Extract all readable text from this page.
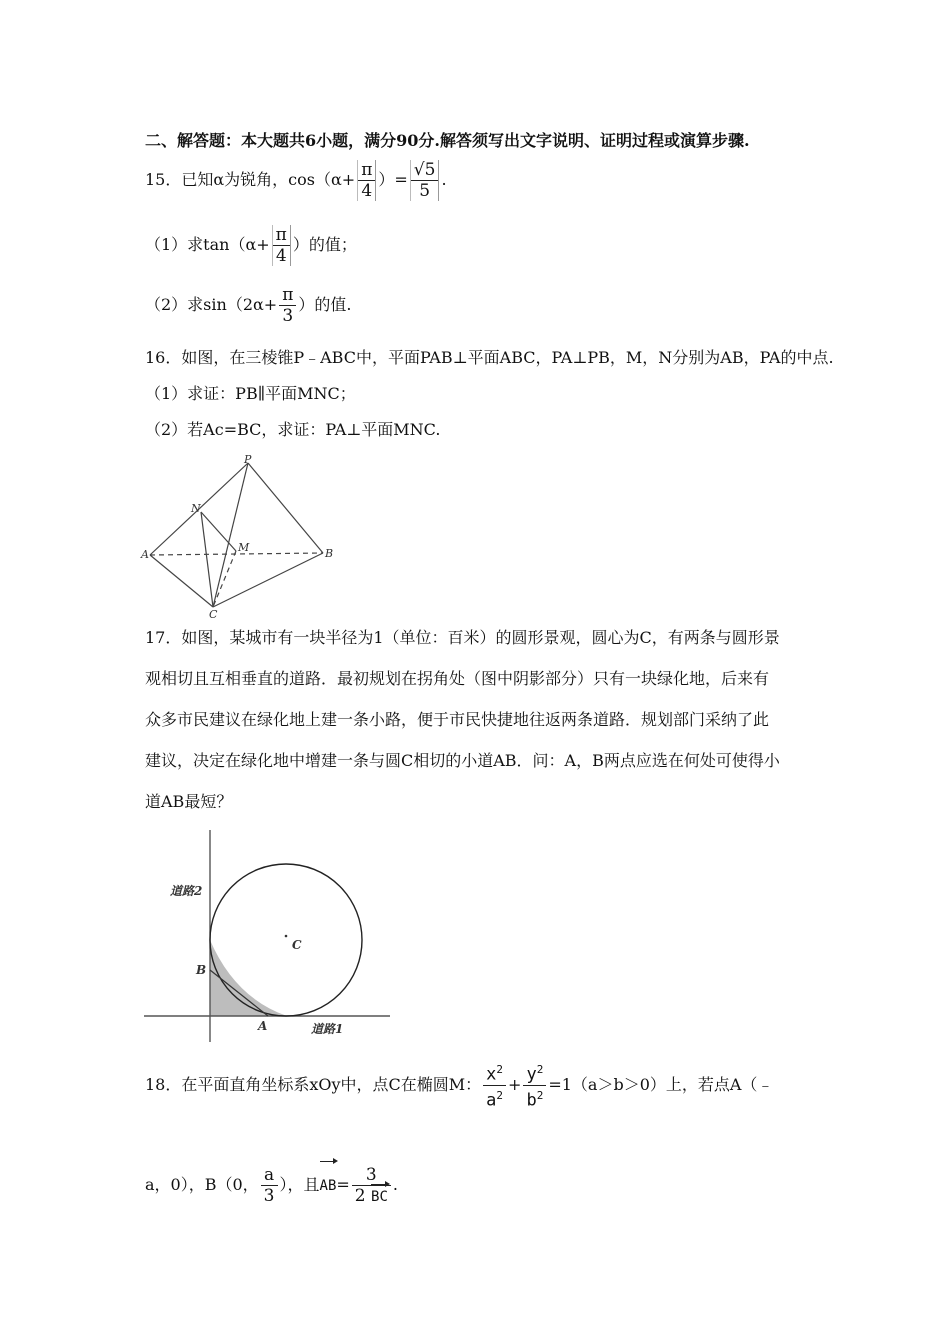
二、解答题：本大题共6小题，满分90分.解答须写出文字说明、证明过程或演算步骤.
15．已知α为锐角，$\cos(\alpha+ \frac{\pi}{4}$ ）= $\frac{√5}{5}$ .
（1）求$\tan(\alpha+ \frac{\pi}{4}$ ）的值；
（2）求$\sin(2\alpha+ \frac{\pi}{3}$ ）的值.
16．如图，在三棱锥P﹣ABC中，平面PAB⊥平面ABC，PA⊥PB，M，N分别为AB，PA的中点.
（1）求证：PB∥平面MNC；
（2）若Ac=BC，求证：PA⊥平面MNC.
P
N
M
A	B
C
17．如图，某城市有一块半径为1（单位：百米）的圆形景观，圆心为C，有两条与圆形景
观相切且互相垂直的道路．最初规划在拐角处（图中阴影部分）只有一块绿化地，后来有
众多市民建议在绿化地上建一条小路，便于市民快捷地往返两条道路．规划部门采纳了此
建议，决定在绿化地中增建一条与圆C相切的小道AB．问：A，B两点应选在何处可使得小
道AB最短？
道路2
道路1
C
B
A
18．在平面直角坐标系xOy中，点C在椭圆M： $\frac{x^2}{a^2} + \frac{y^2}{b^2} =1(a>b>0)$上，若点A（﹣
a，0），B（0， $\frac{a}{3}$ ），且$AB= \frac{3}{2 BC}$ .
